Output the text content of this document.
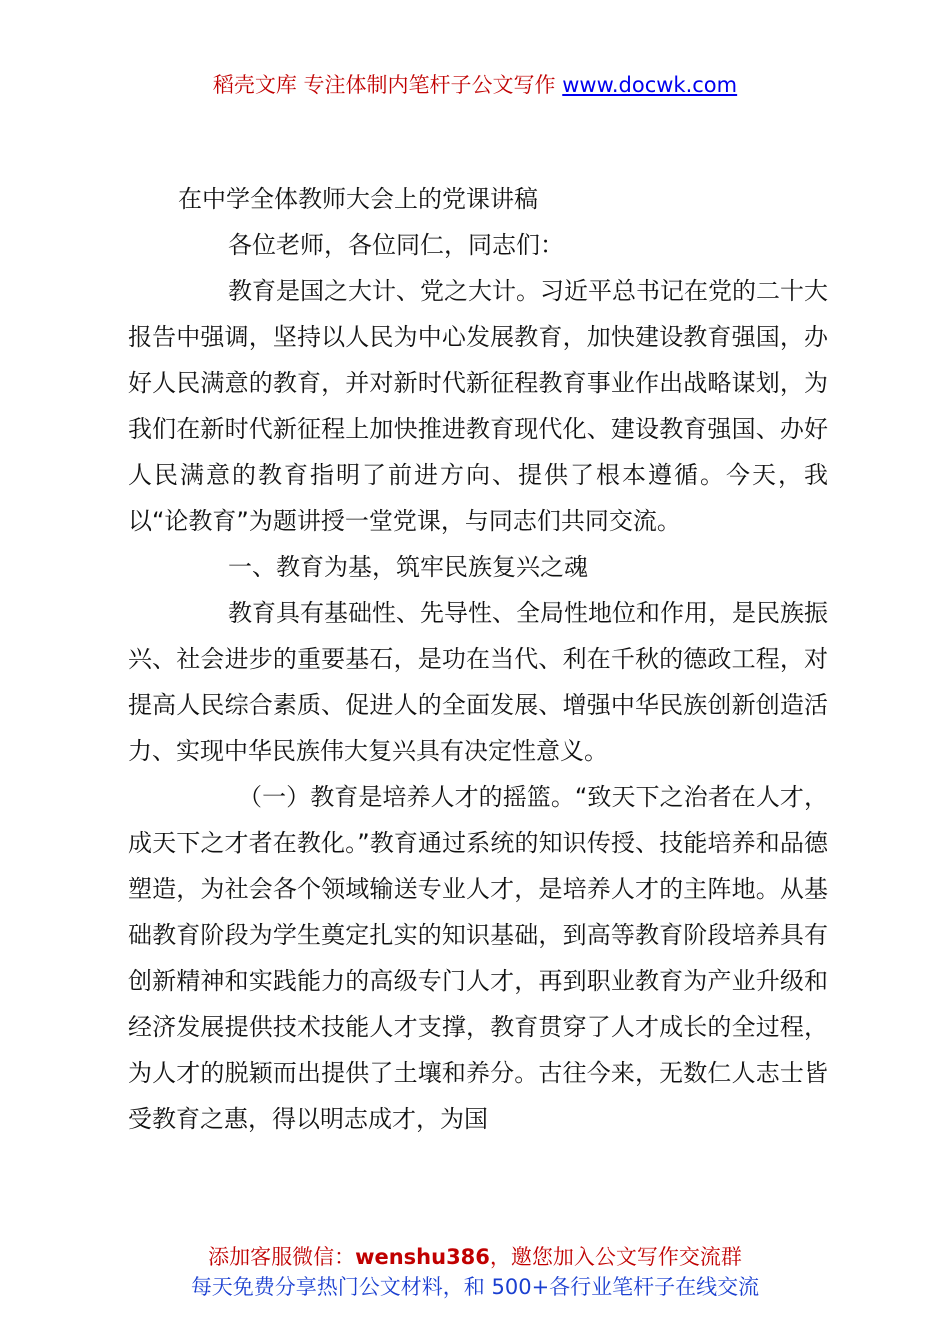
稻壳文库 专注体制内笔杆子公文写作 www.docwk.com

在中学全体教师大会上的党课讲稿

各位老师，各位同仁，同志们：

教育是国之大计、党之大计。习近平总书记在党的二十大报告中强调，坚持以人民为中心发展教育，加快建设教育强国，办好人民满意的教育，并对新时代新征程教育事业作出战略谋划，为我们在新时代新征程上加快推进教育现代化、建设教育强国、办好人民满意的教育指明了前进方向、提供了根本遵循。今天，我以“论教育”为题讲授一堂党课，与同志们共同交流。

一、教育为基，筑牢民族复兴之魂

教育具有基础性、先导性、全局性地位和作用，是民族振兴、社会进步的重要基石，是功在当代、利在千秋的德政工程，对提高人民综合素质、促进人的全面发展、增强中华民族创新创造活力、实现中华民族伟大复兴具有决定性意义。

（一）教育是培养人才的摇篮。“致天下之治者在人才，成天下之才者在教化。”教育通过系统的知识传授、技能培养和品德塑造，为社会各个领域输送专业人才，是培养人才的主阵地。从基础教育阶段为学生奠定扎实的知识基础，到高等教育阶段培养具有创新精神和实践能力的高级专门人才，再到职业教育为产业升级和经济发展提供技术技能人才支撑，教育贯穿了人才成长的全过程，为人才的脱颖而出提供了土壤和养分。古往今来，无数仁人志士皆受教育之惠，得以明志成才，为国

添加客服微信：wenshu386，邀您加入公文写作交流群
每天免费分享热门公文材料，和 500+各行业笔杆子在线交流
